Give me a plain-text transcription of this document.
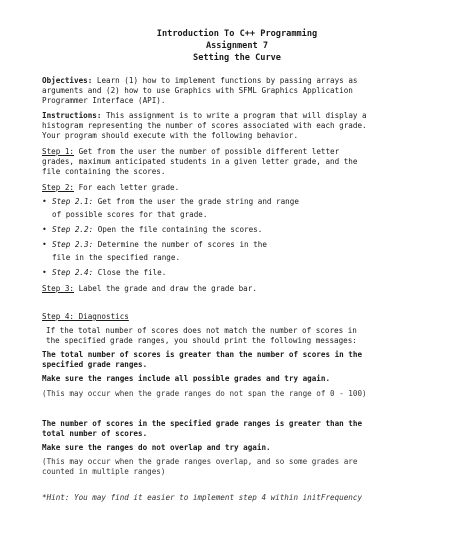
Introduction To C++ Programming
Assignment 7
Setting the Curve
Objectives: Learn (1) how to implement functions by passing arrays as
arguments and (2) how to use Graphics with SFML Graphics Application
Programmer Interface (API).
Instructions: This assignment is to write a program that will display a
histogram representing the number of scores associated with each grade.
Your program should execute with the following behavior.
Step 1: Get from the user the number of possible different letter
grades, maximum anticipated students in a given letter grade, and the
file containing the scores.
Step 2: For each letter grade.
• Step 2.1: Get from the user the grade string and range
of possible scores for that grade.
• Step 2.2: Open the file containing the scores.
• Step 2.3: Determine the number of scores in the
file in the specified range.
• Step 2.4: Close the file.
Step 3: Label the grade and draw the grade bar.
Step 4: Diagnostics
If the total number of scores does not match the number of scores in
the specified grade ranges, you should print the following messages:
The total number of scores is greater than the number of scores in the
specified grade ranges.
Make sure the ranges include all possible grades and try again.
(This may occur when the grade ranges do not span the range of 0 - 100)
The number of scores in the specified grade ranges is greater than the
total number of scores.
Make sure the ranges do not overlap and try again.
(This may occur when the grade ranges overlap, and so some grades are
counted in multiple ranges)
*Hint: You may find it easier to implement step 4 within initFrequency
